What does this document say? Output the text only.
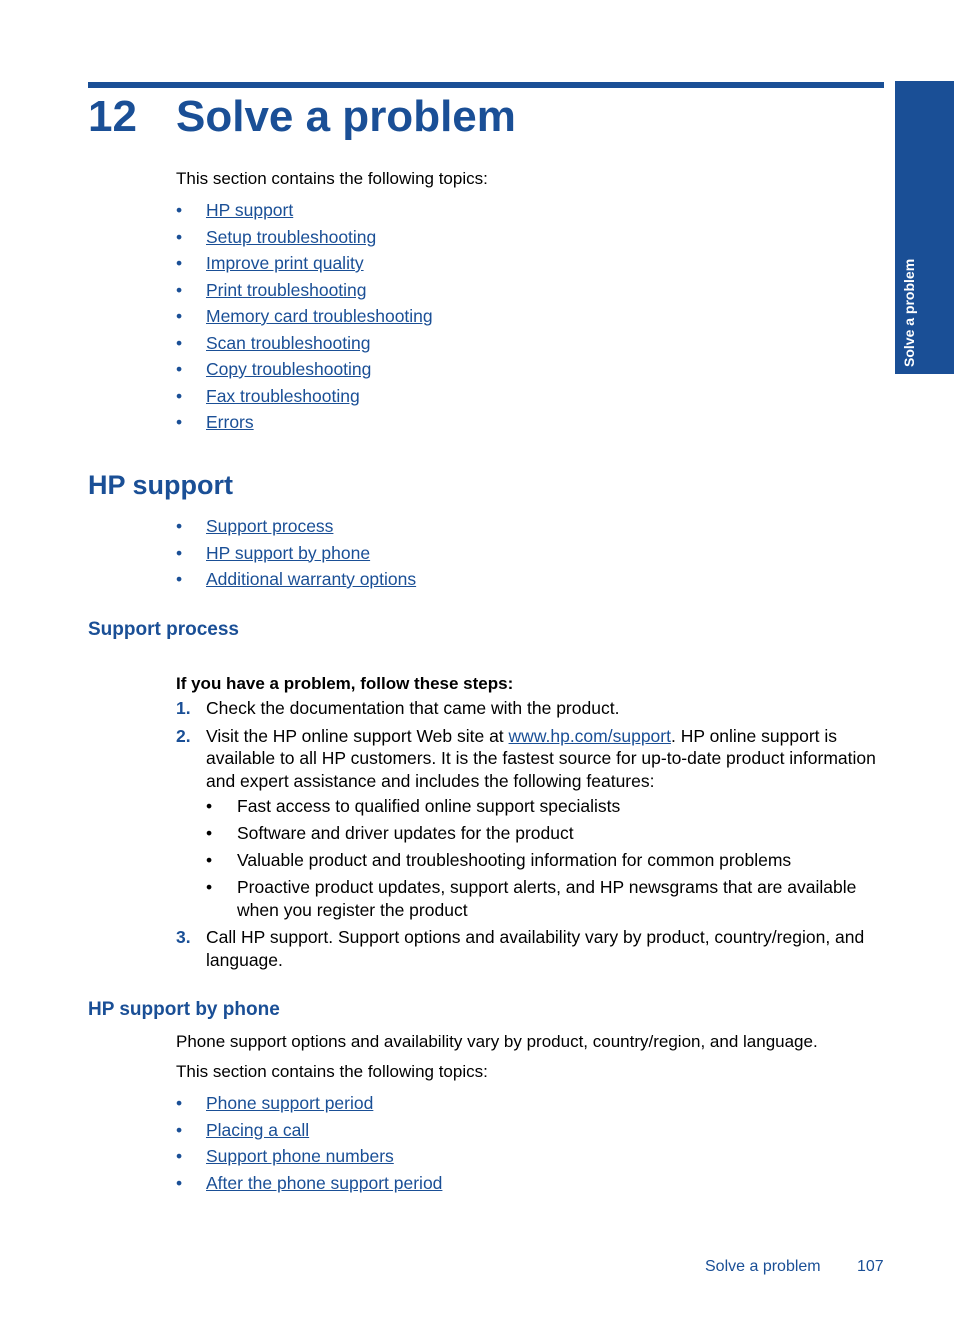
12 Solve a problem
Solve a problem
This section contains the following topics:
• HP support
• Setup troubleshooting
• Improve print quality
• Print troubleshooting
• Memory card troubleshooting
• Scan troubleshooting
• Copy troubleshooting
• Fax troubleshooting
• Errors
HP support
• Support process
• HP support by phone
• Additional warranty options
Support process
If you have a problem, follow these steps:
1. Check the documentation that came with the product.
2. Visit the HP online support Web site at www.hp.com/support. HP online support is available to all HP customers. It is the fastest source for up-to-date product information and expert assistance and includes the following features:
• Fast access to qualified online support specialists
• Software and driver updates for the product
• Valuable product and troubleshooting information for common problems
• Proactive product updates, support alerts, and HP newsgrams that are available when you register the product
3. Call HP support. Support options and availability vary by product, country/region, and language.
HP support by phone
Phone support options and availability vary by product, country/region, and language.
This section contains the following topics:
• Phone support period
• Placing a call
• Support phone numbers
• After the phone support period
Solve a problem 107
